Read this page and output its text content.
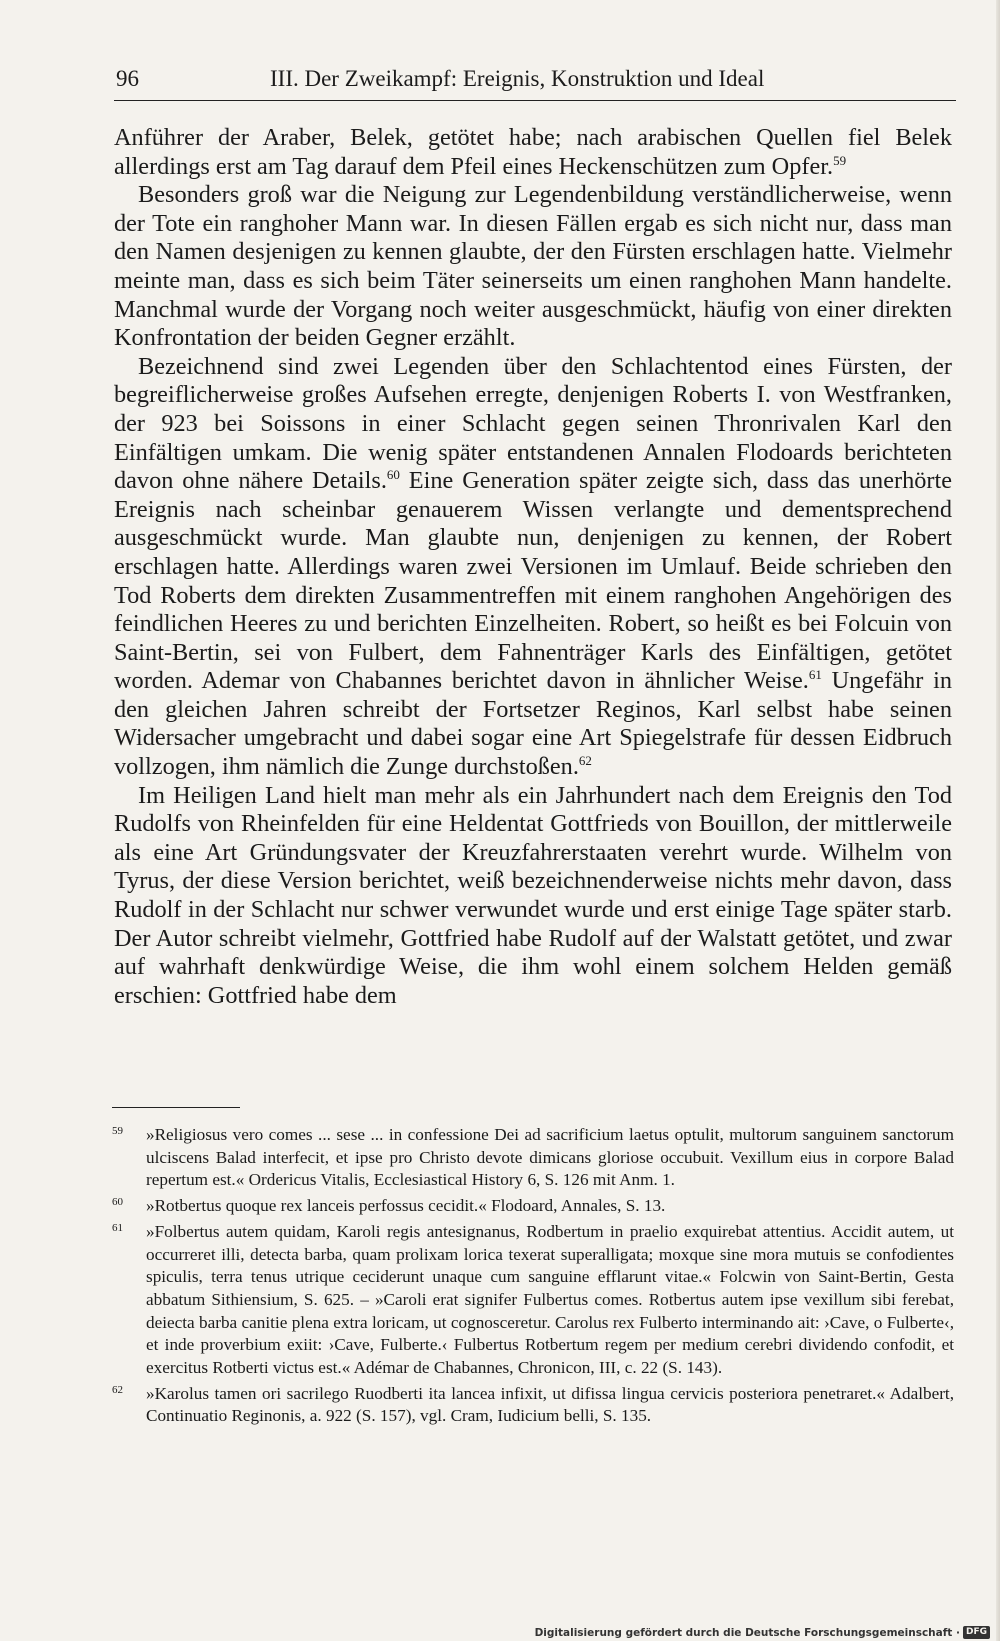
96	III. Der Zweikampf: Ereignis, Konstruktion und Ideal

Anführer der Araber, Belek, getötet habe; nach arabischen Quellen fiel Belek allerdings erst am Tag darauf dem Pfeil eines Heckenschützen zum Opfer.$^{59}$

Besonders groß war die Neigung zur Legendenbildung verständlicherweise, wenn der Tote ein ranghoher Mann war. In diesen Fällen ergab es sich nicht nur, dass man den Namen desjenigen zu kennen glaubte, der den Fürsten erschlagen hatte. Vielmehr meinte man, dass es sich beim Täter seinerseits um einen ranghohen Mann handelte. Manchmal wurde der Vorgang noch weiter ausgeschmückt, häufig von einer direkten Konfrontation der beiden Gegner erzählt.

Bezeichnend sind zwei Legenden über den Schlachtentod eines Fürsten, der begreiflicherweise großes Aufsehen erregte, denjenigen Roberts I. von Westfranken, der 923 bei Soissons in einer Schlacht gegen seinen Thronrivalen Karl den Einfältigen umkam. Die wenig später entstandenen Annalen Flodoards berichteten davon ohne nähere Details.$^{60}$ Eine Generation später zeigte sich, dass das unerhörte Ereignis nach scheinbar genauerem Wissen verlangte und dementsprechend ausgeschmückt wurde. Man glaubte nun, denjenigen zu kennen, der Robert erschlagen hatte. Allerdings waren zwei Versionen im Umlauf. Beide schrieben den Tod Roberts dem direkten Zusammentreffen mit einem ranghohen Angehörigen des feindlichen Heeres zu und berichten Einzelheiten. Robert, so heißt es bei Folcuin von Saint-Bertin, sei von Fulbert, dem Fahnenträger Karls des Einfältigen, getötet worden. Ademar von Chabannes berichtet davon in ähnlicher Weise.$^{61}$ Ungefähr in den gleichen Jahren schreibt der Fortsetzer Reginos, Karl selbst habe seinen Widersacher umgebracht und dabei sogar eine Art Spiegelstrafe für dessen Eidbruch vollzogen, ihm nämlich die Zunge durchstoßen.$^{62}$

Im Heiligen Land hielt man mehr als ein Jahrhundert nach dem Ereignis den Tod Rudolfs von Rheinfelden für eine Heldentat Gottfrieds von Bouillon, der mittlerweile als eine Art Gründungsvater der Kreuzfahrerstaaten verehrt wurde. Wilhelm von Tyrus, der diese Version berichtet, weiß bezeichnenderweise nichts mehr davon, dass Rudolf in der Schlacht nur schwer verwundet wurde und erst einige Tage später starb. Der Autor schreibt vielmehr, Gottfried habe Rudolf auf der Walstatt getötet, und zwar auf wahrhaft denkwürdige Weise, die ihm wohl einem solchem Helden gemäß erschien: Gottfried habe dem

59 »Religiosus vero comes ... sese ... in confessione Dei ad sacrificium laetus optulit, multorum sanguinem sanctorum ulciscens Balad interfecit, et ipse pro Christo devote dimicans gloriose occubuit. Vexillum eius in corpore Balad repertum est.« Ordericus Vitalis, Ecclesiastical History 6, S. 126 mit Anm. 1.
60 »Rotbertus quoque rex lanceis perfossus cecidit.« Flodoard, Annales, S. 13.
61 »Folbertus autem quidam, Karoli regis antesignanus, Rodbertum in praelio exquirebat attentius. Accidit autem, ut occurreret illi, detecta barba, quam prolixam lorica texerat superalligata; moxque sine mora mutuis se confodientes spiculis, terra tenus utrique ceciderunt unaque cum sanguine efflarunt vitae.« Folcwin von Saint-Bertin, Gesta abbatum Sithiensium, S. 625. – »Caroli erat signifer Fulbertus comes. Rotbertus autem ipse vexillum sibi ferebat, deiecta barba canitie plena extra loricam, ut cognosceretur. Carolus rex Fulberto interminando ait: ›Cave, o Fulberte‹, et inde proverbium exiit: ›Cave, Fulberte.‹ Fulbertus Rotbertum regem per medium cerebri dividendo confodit, et exercitus Rotberti victus est.« Adémar de Chabannes, Chronicon, III, c. 22 (S. 143).
62 »Karolus tamen ori sacrilego Ruodberti ita lancea infixit, ut difissa lingua cervicis posteriora penetraret.« Adalbert, Continuatio Reginonis, a. 922 (S. 157), vgl. Cram, Iudicium belli, S. 135.
Digitalisierung gefördert durch die Deutsche Forschungsgemeinschaft · DFG
